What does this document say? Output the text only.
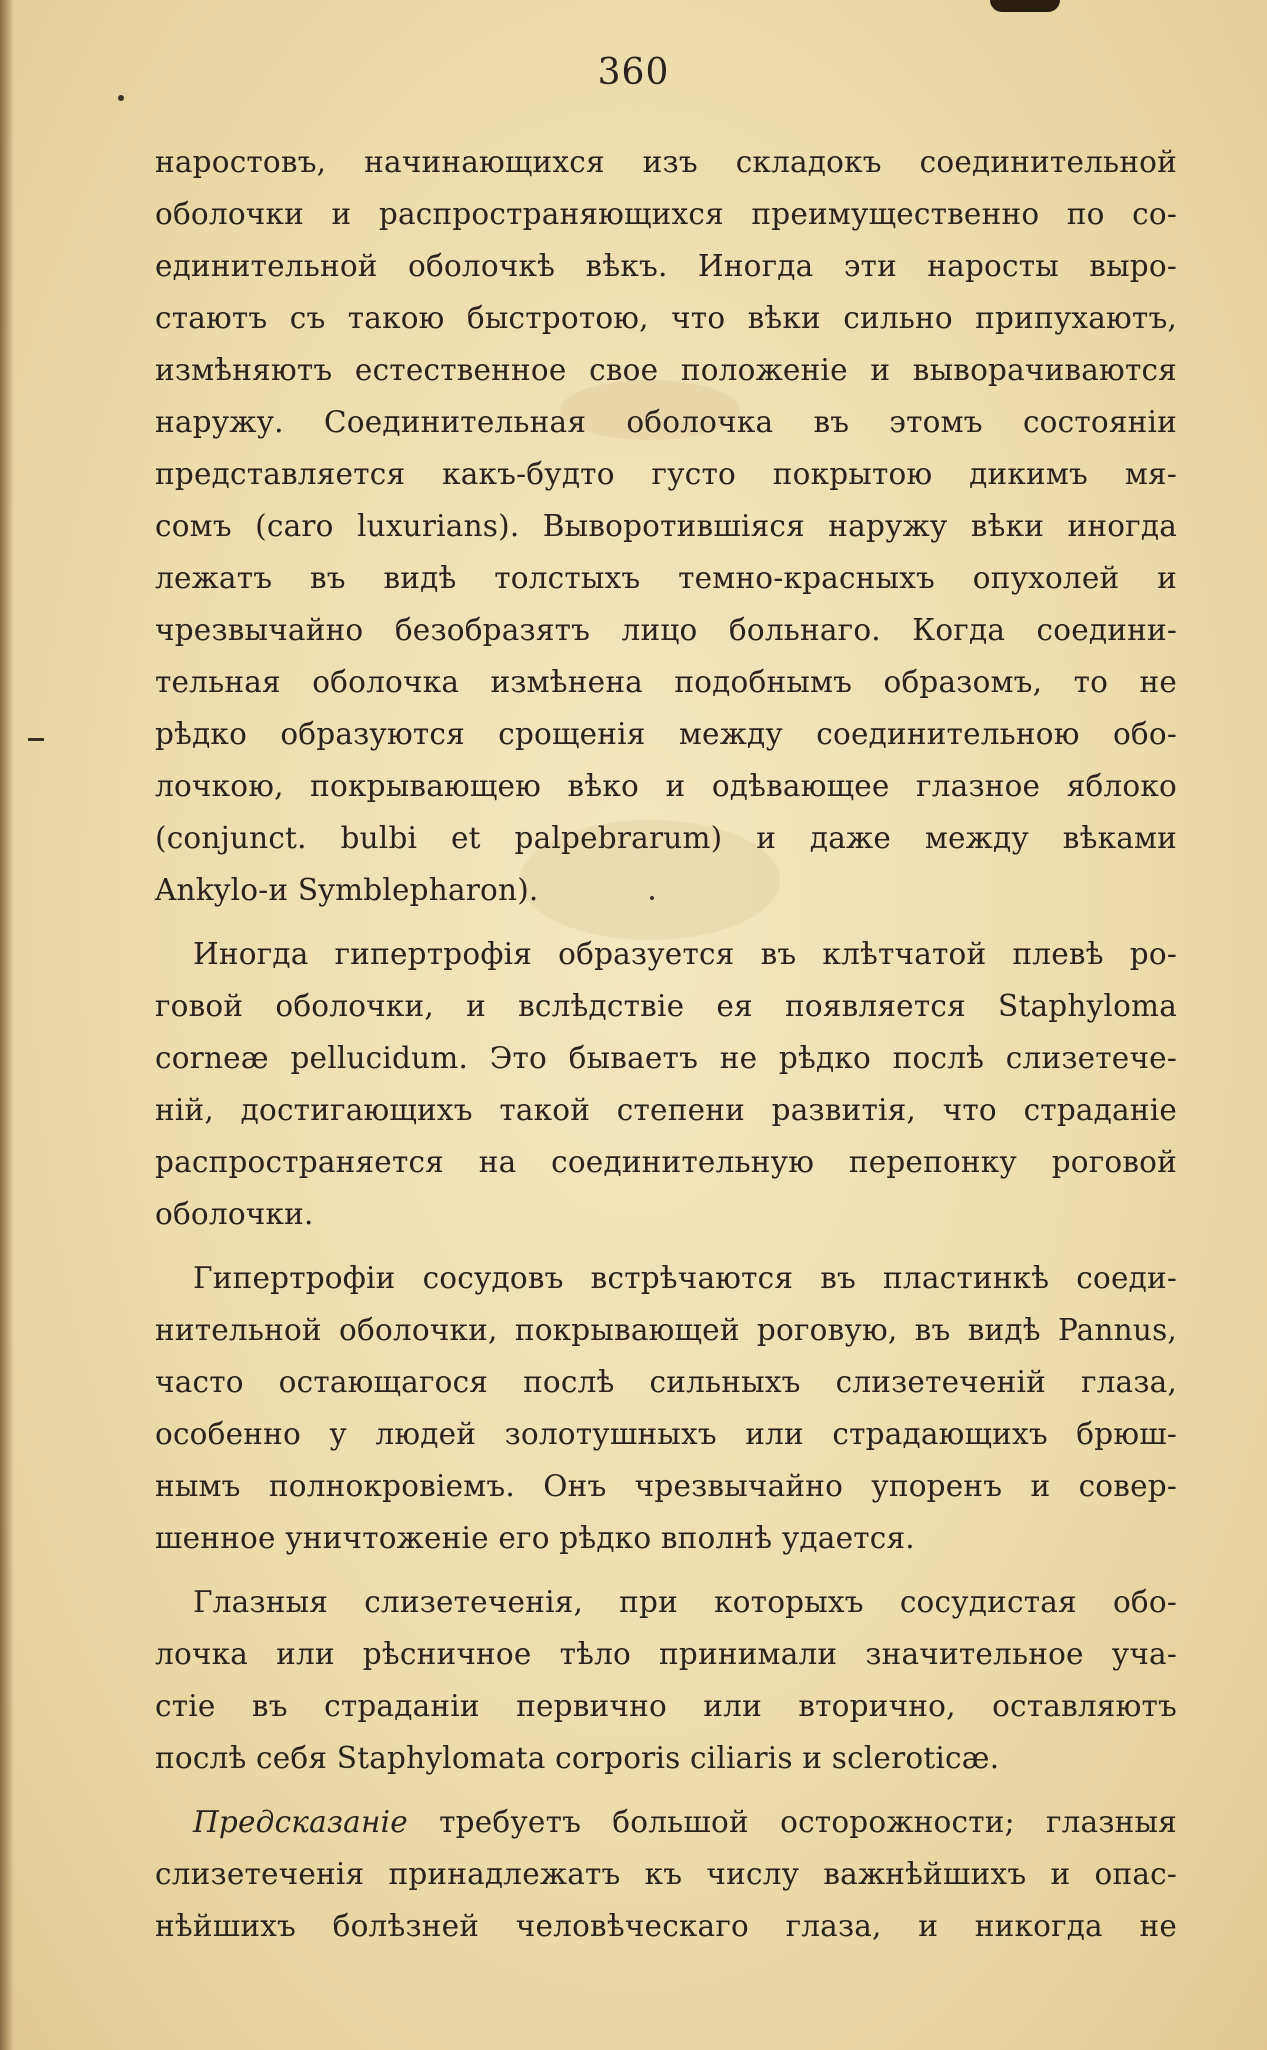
360
наростовъ, начинающихся изъ складокъ соединительной
оболочки и распространяющихся преимущественно по со-
единительной оболочкѣ вѣкъ. Иногда эти наросты выро-
стаютъ съ такою быстротою, что вѣки сильно припухаютъ,
измѣняютъ естественное свое положеніе и выворачиваются
наружу. Соединительная оболочка въ этомъ состояніи
представляется какъ-будто густо покрытою дикимъ мя-
сомъ (caro luxurians). Вывoротившіяся наружу вѣки иногда
лежатъ въ видѣ толстыхъ темно-красныхъ опухолей и
чрезвычайно безобразятъ лицо больнаго. Когда соедини-
тельная оболочка измѣнена подобнымъ образомъ, то не
рѣдко образуются срощенія между соединительною обо-
лочкою, покрывающею вѣко и одѣвающее глазное яблоко
(conjunct. bulbi et palpebrarum) и даже между вѣками
Ankylo-и Symblepharon).
Иногда гипертрофія образуется въ клѣтчатой плевѣ ро-
говой оболочки, и вслѣдствіе ея появляется Staphyloma
corneæ pellucidum. Это бываетъ не рѣдко послѣ слизетече-
ній, достигающихъ такой степени развитія, что страданіе
распространяется на соединительную перепонку роговой
оболочки.
Гипертрофіи сосудовъ встрѣчаются въ пластинкѣ соеди-
нительной оболочки, покрывающей роговую, въ видѣ Pannus,
часто остающагося послѣ сильныхъ слизетеченій глаза,
особенно у людей золотушныхъ или страдающихъ брюш-
нымъ полнокровіемъ. Онъ чрезвычайно упоренъ и совер-
шенное уничтоженіе его рѣдко вполнѣ удается.
Глазныя слизетеченія, при которыхъ сосудистая обо-
лочка или рѣсничное тѣло принимали значительное уча-
стіе въ страданіи первично или вторично, оставляютъ
послѣ себя Staphylomata corporis ciliaris и scleroticæ.
Предсказаніе требуетъ большой осторожности; глазныя
слизетеченія принадлежатъ къ числу важнѣйшихъ и опас-
нѣйшихъ болѣзней человѣческаго глаза, и никогда не
